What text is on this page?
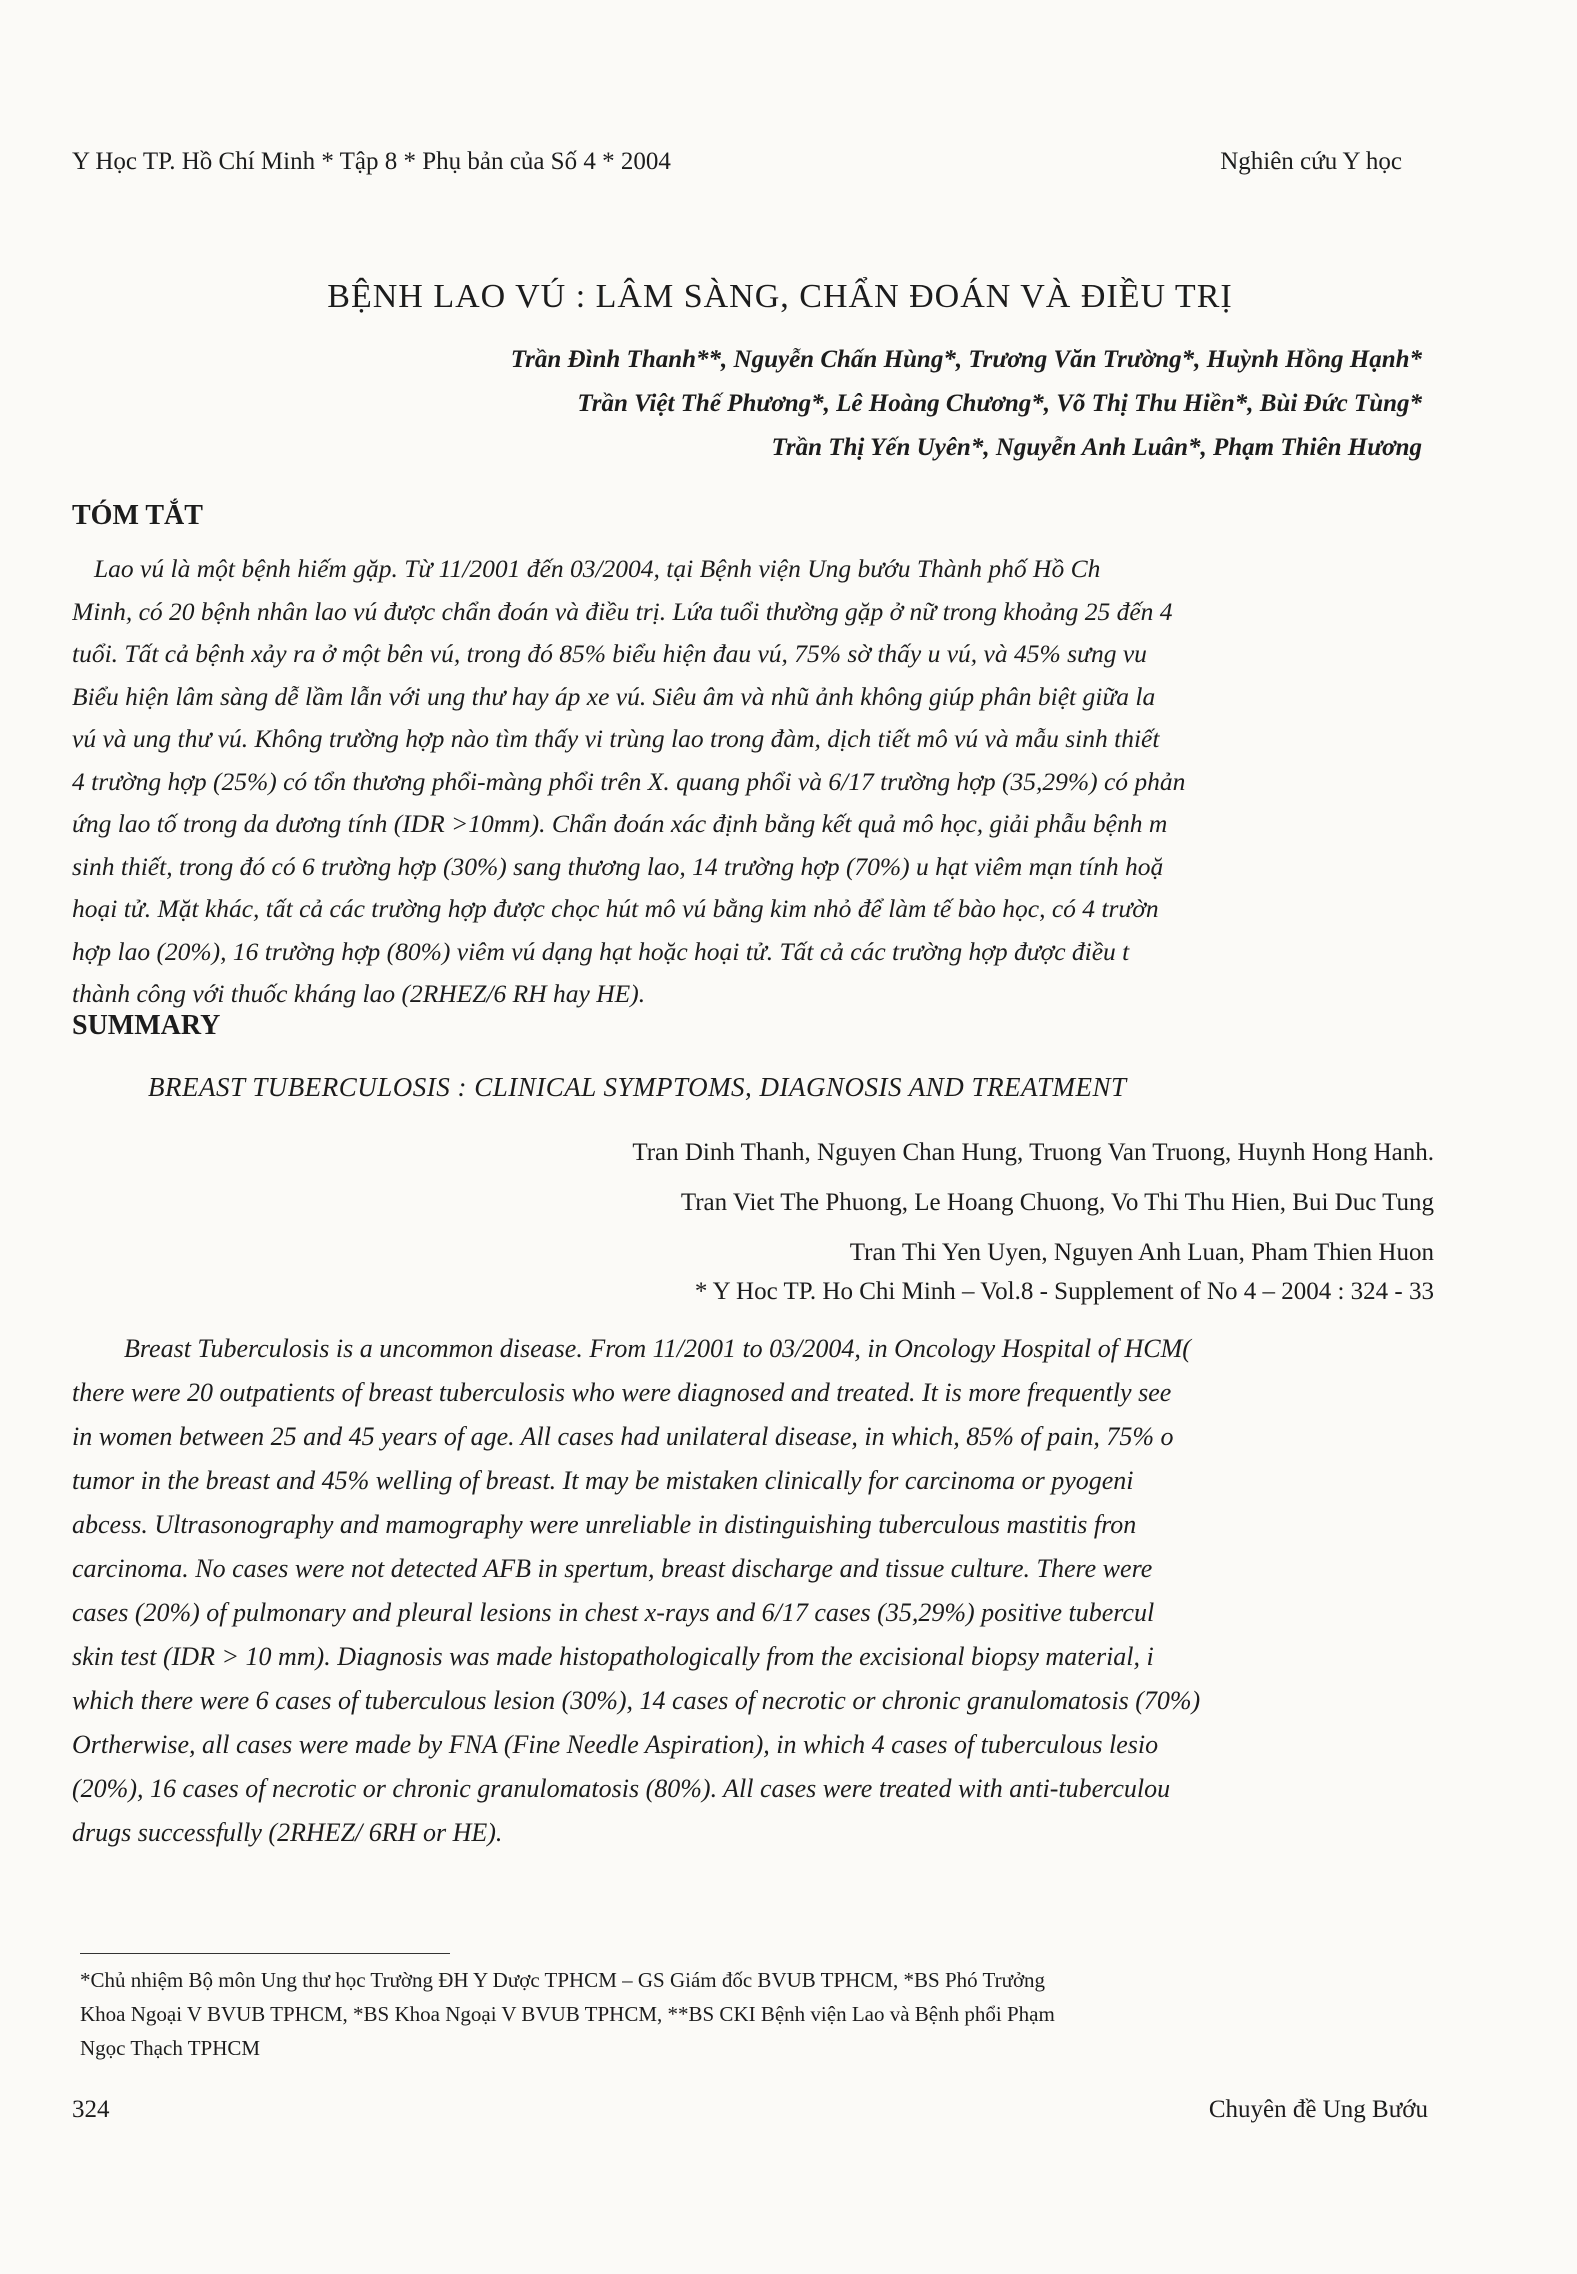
Y Học TP. Hồ Chí Minh * Tập 8 * Phụ bản của Số 4 * 2004	Nghiên cứu Y học
BỆNH LAO VÚ : LÂM SÀNG, CHẨN ĐOÁN VÀ ĐIỀU TRỊ
Trần Đình Thanh**, Nguyễn Chấn Hùng*, Trương Văn Trường*, Huỳnh Hồng Hạnh*
Trần Việt Thế Phương*, Lê Hoàng Chương*, Võ Thị Thu Hiền*, Bùi Đức Tùng*
Trần Thị Yến Uyên*, Nguyễn Anh Luân*, Phạm Thiên Hương
TÓM TẮT
Lao vú là một bệnh hiếm gặp. Từ 11/2001 đến 03/2004, tại Bệnh viện Ung bướu Thành phố Hồ Ch
Minh, có 20 bệnh nhân lao vú được chẩn đoán và điều trị. Lứa tuổi thường gặp ở nữ trong khoảng 25 đến 4
tuổi. Tất cả bệnh xảy ra ở một bên vú, trong đó 85% biểu hiện đau vú, 75% sờ thấy u vú, và 45% sưng vu
Biểu hiện lâm sàng dễ lầm lẫn với ung thư hay áp xe vú. Siêu âm và nhũ ảnh không giúp phân biệt giữa la
vú và ung thư vú. Không trường hợp nào tìm thấy vi trùng lao trong đàm, dịch tiết mô vú và mẫu sinh thiết
4 trường hợp (25%) có tổn thương phổi-màng phổi trên X. quang phổi và 6/17 trường hợp (35,29%) có phản
ứng lao tố trong da dương tính (IDR >10mm). Chẩn đoán xác định bằng kết quả mô học, giải phẫu bệnh m
sinh thiết, trong đó có 6 trường hợp (30%) sang thương lao, 14 trường hợp (70%) u hạt viêm mạn tính hoặ
hoại tử. Mặt khác, tất cả các trường hợp được chọc hút mô vú bằng kim nhỏ để làm tế bào học, có 4 trườn
hợp lao (20%), 16 trường hợp (80%) viêm vú dạng hạt hoặc hoại tử. Tất cả các trường hợp được điều t
thành công với thuốc kháng lao (2RHEZ/6 RH hay HE).
SUMMARY
BREAST TUBERCULOSIS : CLINICAL SYMPTOMS, DIAGNOSIS AND TREATMENT
Tran Dinh Thanh, Nguyen Chan Hung, Truong Van Truong, Huynh Hong Hanh.
Tran Viet The Phuong, Le Hoang Chuong, Vo Thi Thu Hien, Bui Duc Tung
Tran Thi Yen Uyen, Nguyen Anh Luan, Pham Thien Huon
* Y Hoc TP. Ho Chi Minh – Vol.8 - Supplement of No 4 – 2004 : 324 - 33
Breast Tuberculosis is a uncommon disease. From 11/2001 to 03/2004, in Oncology Hospital of HCM(
there were 20 outpatients of breast tuberculosis who were diagnosed and treated. It is more frequently see
in women between 25 and 45 years of age. All cases had unilateral disease, in which, 85% of pain, 75% o
tumor in the breast and 45% welling of breast. It may be mistaken clinically for carcinoma or pyogeni
abcess. Ultrasonography and mamography were unreliable in distinguishing tuberculous mastitis fron
carcinoma. No cases were not detected AFB in spertum, breast discharge and tissue culture. There were
cases (20%) of pulmonary and pleural lesions in chest x-rays and 6/17 cases (35,29%) positive tubercul
skin test (IDR > 10 mm). Diagnosis was made histopathologically from the excisional biopsy material, i
which there were 6 cases of tuberculous lesion (30%), 14 cases of necrotic or chronic granulomatosis (70%)
Ortherwise, all cases were made by FNA (Fine Needle Aspiration), in which 4 cases of tuberculous lesio
(20%), 16 cases of necrotic or chronic granulomatosis (80%). All cases were treated with anti-tuberculou
drugs successfully (2RHEZ/ 6RH or HE).
*Chủ nhiệm Bộ môn Ung thư học Trường ĐH Y Dược TPHCM – GS Giám đốc BVUB TPHCM, *BS Phó Trưởng
Khoa Ngoại V BVUB TPHCM, *BS Khoa Ngoại V BVUB TPHCM, **BS CKI Bệnh viện Lao và Bệnh phổi Phạm
Ngọc Thạch TPHCM
324	Chuyên đề Ung Bướu
